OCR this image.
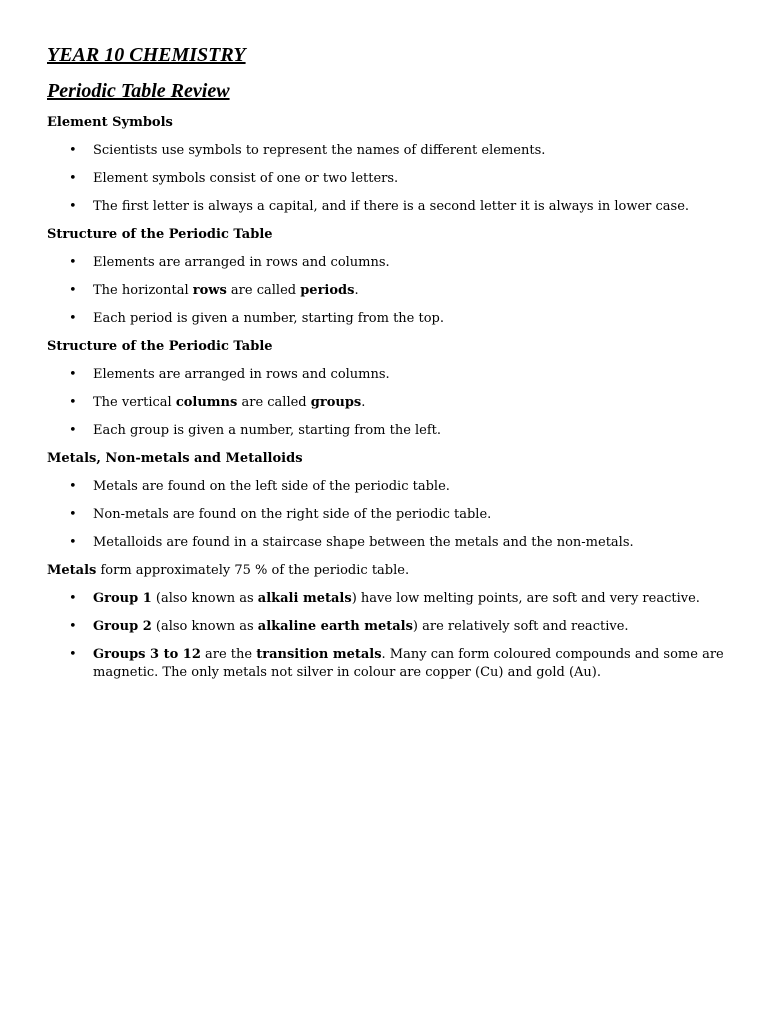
YEAR 10 CHEMISTRY
Periodic Table Review

Element Symbols

• Scientists use symbols to represent the names of different elements.
• Element symbols consist of one or two letters.
• The first letter is always a capital, and if there is a second letter it is always in lower case.

Structure of the Periodic Table

• Elements are arranged in rows and columns.
• The horizontal rows are called periods.
• Each period is given a number, starting from the top.

Structure of the Periodic Table

• Elements are arranged in rows and columns.
• The vertical columns are called groups.
• Each group is given a number, starting from the left.

Metals, Non-metals and Metalloids

• Metals are found on the left side of the periodic table.
• Non-metals are found on the right side of the periodic table.
• Metalloids are found in a staircase shape between the metals and the non-metals.

Metals form approximately 75 % of the periodic table.

• Group 1 (also known as alkali metals) have low melting points, are soft and very reactive.
• Group 2 (also known as alkaline earth metals) are relatively soft and reactive.
• Groups 3 to 12 are the transition metals. Many can form coloured compounds and some are magnetic. The only metals not silver in colour are copper (Cu) and gold (Au).
